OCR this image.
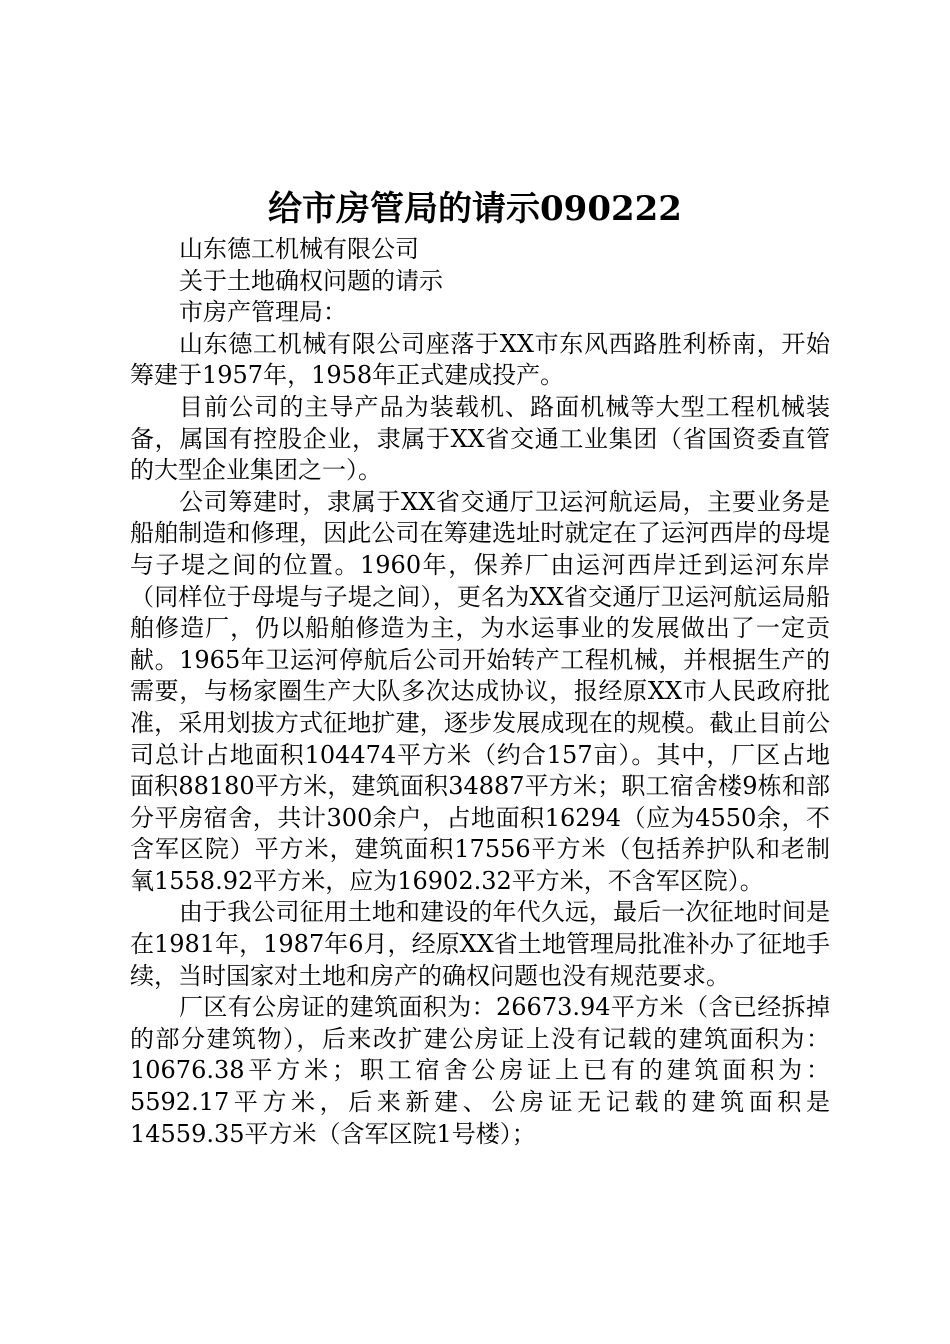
给市房管局的请示090222

山东德工机械有限公司

关于土地确权问题的请示

市房产管理局：

山东德工机械有限公司座落于XX市东风西路胜利桥南，开始筹建于1957年，1958年正式建成投产。

目前公司的主导产品为装载机、路面机械等大型工程机械装备，属国有控股企业，隶属于XX省交通工业集团（省国资委直管的大型企业集团之一）。

公司筹建时，隶属于XX省交通厅卫运河航运局，主要业务是船舶制造和修理，因此公司在筹建选址时就定在了运河西岸的母堤与子堤之间的位置。1960年，保养厂由运河西岸迁到运河东岸（同样位于母堤与子堤之间），更名为XX省交通厅卫运河航运局船舶修造厂，仍以船舶修造为主，为水运事业的发展做出了一定贡献。1965年卫运河停航后公司开始转产工程机械，并根据生产的需要，与杨家圈生产大队多次达成协议，报经原XX市人民政府批准，采用划拔方式征地扩建，逐步发展成现在的规模。截止目前公司总计占地面积104474平方米（约合157亩）。其中，厂区占地面积88180平方米，建筑面积34887平方米；职工宿舍楼9栋和部分平房宿舍，共计300余户，占地面积16294（应为4550余，不含军区院）平方米，建筑面积17556平方米（包括养护队和老制氧1558.92平方米，应为16902.32平方米，不含军区院）。

由于我公司征用土地和建设的年代久远，最后一次征地时间是在1981年，1987年6月，经原XX省土地管理局批准补办了征地手续，当时国家对土地和房产的确权问题也没有规范要求。

厂区有公房证的建筑面积为：26673.94平方米（含已经拆掉的部分建筑物），后来改扩建公房证上没有记载的建筑面积为：10676.38平方米；职工宿舍公房证上已有的建筑面积为：5592.17平方米，后来新建、公房证无记载的建筑面积是14559.35平方米（含军区院1号楼）；
